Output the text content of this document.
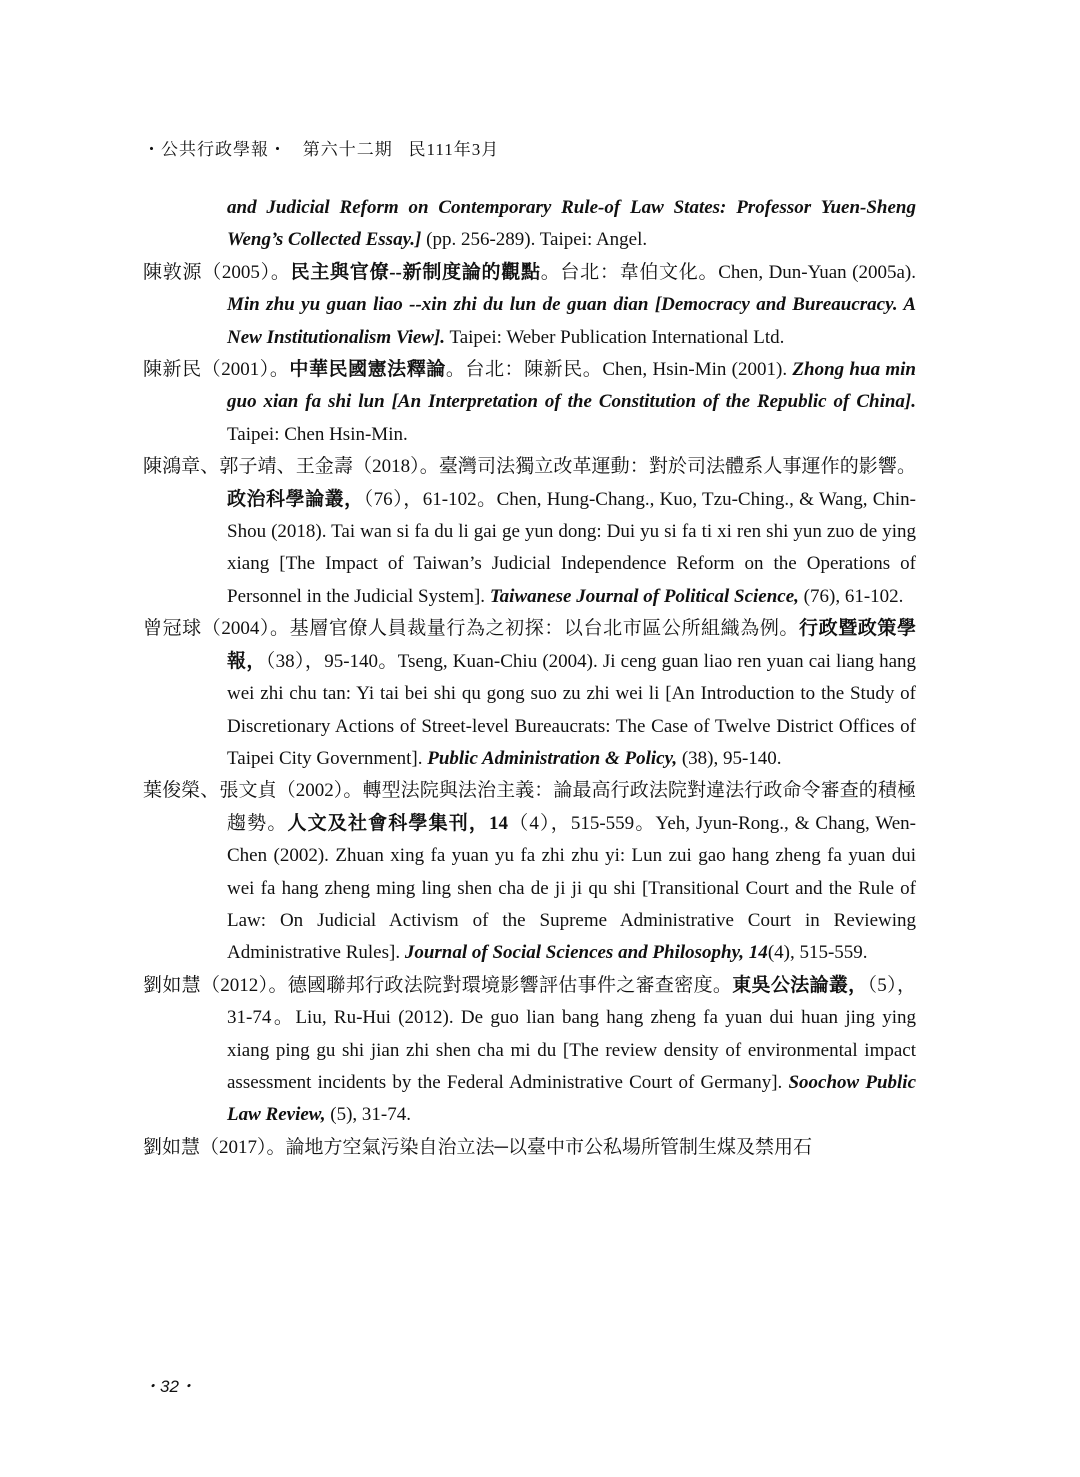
・公共行政學報・ 第六十二期 民111年3月

and Judicial Reform on Contemporary Rule-of Law States: Professor Yuen-Sheng Weng’s Collected Essay.] (pp. 256-289). Taipei: Angel.

陳敦源（2005）。民主與官僚--新制度論的觀點。台北：韋伯文化。Chen, Dun-Yuan (2005a). Min zhu yu guan liao --xin zhi du lun de guan dian [Democracy and Bureaucracy. A New Institutionalism View]. Taipei: Weber Publication International Ltd.

陳新民（2001）。中華民國憲法釋論。台北：陳新民。Chen, Hsin-Min (2001). Zhong hua min guo xian fa shi lun [An Interpretation of the Constitution of the Republic of China]. Taipei: Chen Hsin-Min.

陳鴻章、郭子靖、王金壽（2018）。臺灣司法獨立改革運動：對於司法體系人事運作的影響。政治科學論叢，（76），61-102。Chen, Hung-Chang., Kuo, Tzu-Ching., & Wang, Chin-Shou (2018). Tai wan si fa du li gai ge yun dong: Dui yu si fa ti xi ren shi yun zuo de ying xiang [The Impact of Taiwan’s Judicial Independence Reform on the Operations of Personnel in the Judicial System]. Taiwanese Journal of Political Science, (76), 61-102.

曾冠球（2004）。基層官僚人員裁量行為之初探：以台北市區公所組織為例。行政暨政策學報，（38），95-140。Tseng, Kuan-Chiu (2004). Ji ceng guan liao ren yuan cai liang hang wei zhi chu tan: Yi tai bei shi qu gong suo zu zhi wei li [An Introduction to the Study of Discretionary Actions of Street-level Bureaucrats: The Case of Twelve District Offices of Taipei City Government]. Public Administration & Policy, (38), 95-140.

葉俊榮、張文貞（2002）。轉型法院與法治主義：論最高行政法院對違法行政命令審查的積極趨勢。人文及社會科學集刊，14（4），515-559。Yeh, Jyun-Rong., & Chang, Wen-Chen (2002). Zhuan xing fa yuan yu fa zhi zhu yi: Lun zui gao hang zheng fa yuan dui wei fa hang zheng ming ling shen cha de ji ji qu shi [Transitional Court and the Rule of Law: On Judicial Activism of the Supreme Administrative Court in Reviewing Administrative Rules]. Journal of Social Sciences and Philosophy, 14(4), 515-559.

劉如慧（2012）。德國聯邦行政法院對環境影響評估事件之審查密度。東吳公法論叢，（5），31-74。Liu, Ru-Hui (2012). De guo lian bang hang zheng fa yuan dui huan jing ying xiang ping gu shi jian zhi shen cha mi du [The review density of environmental impact assessment incidents by the Federal Administrative Court of Germany]. Soochow Public Law Review, (5), 31-74.

劉如慧（2017）。論地方空氣污染自治立法─以臺中市公私場所管制生煤及禁用石

・32・
